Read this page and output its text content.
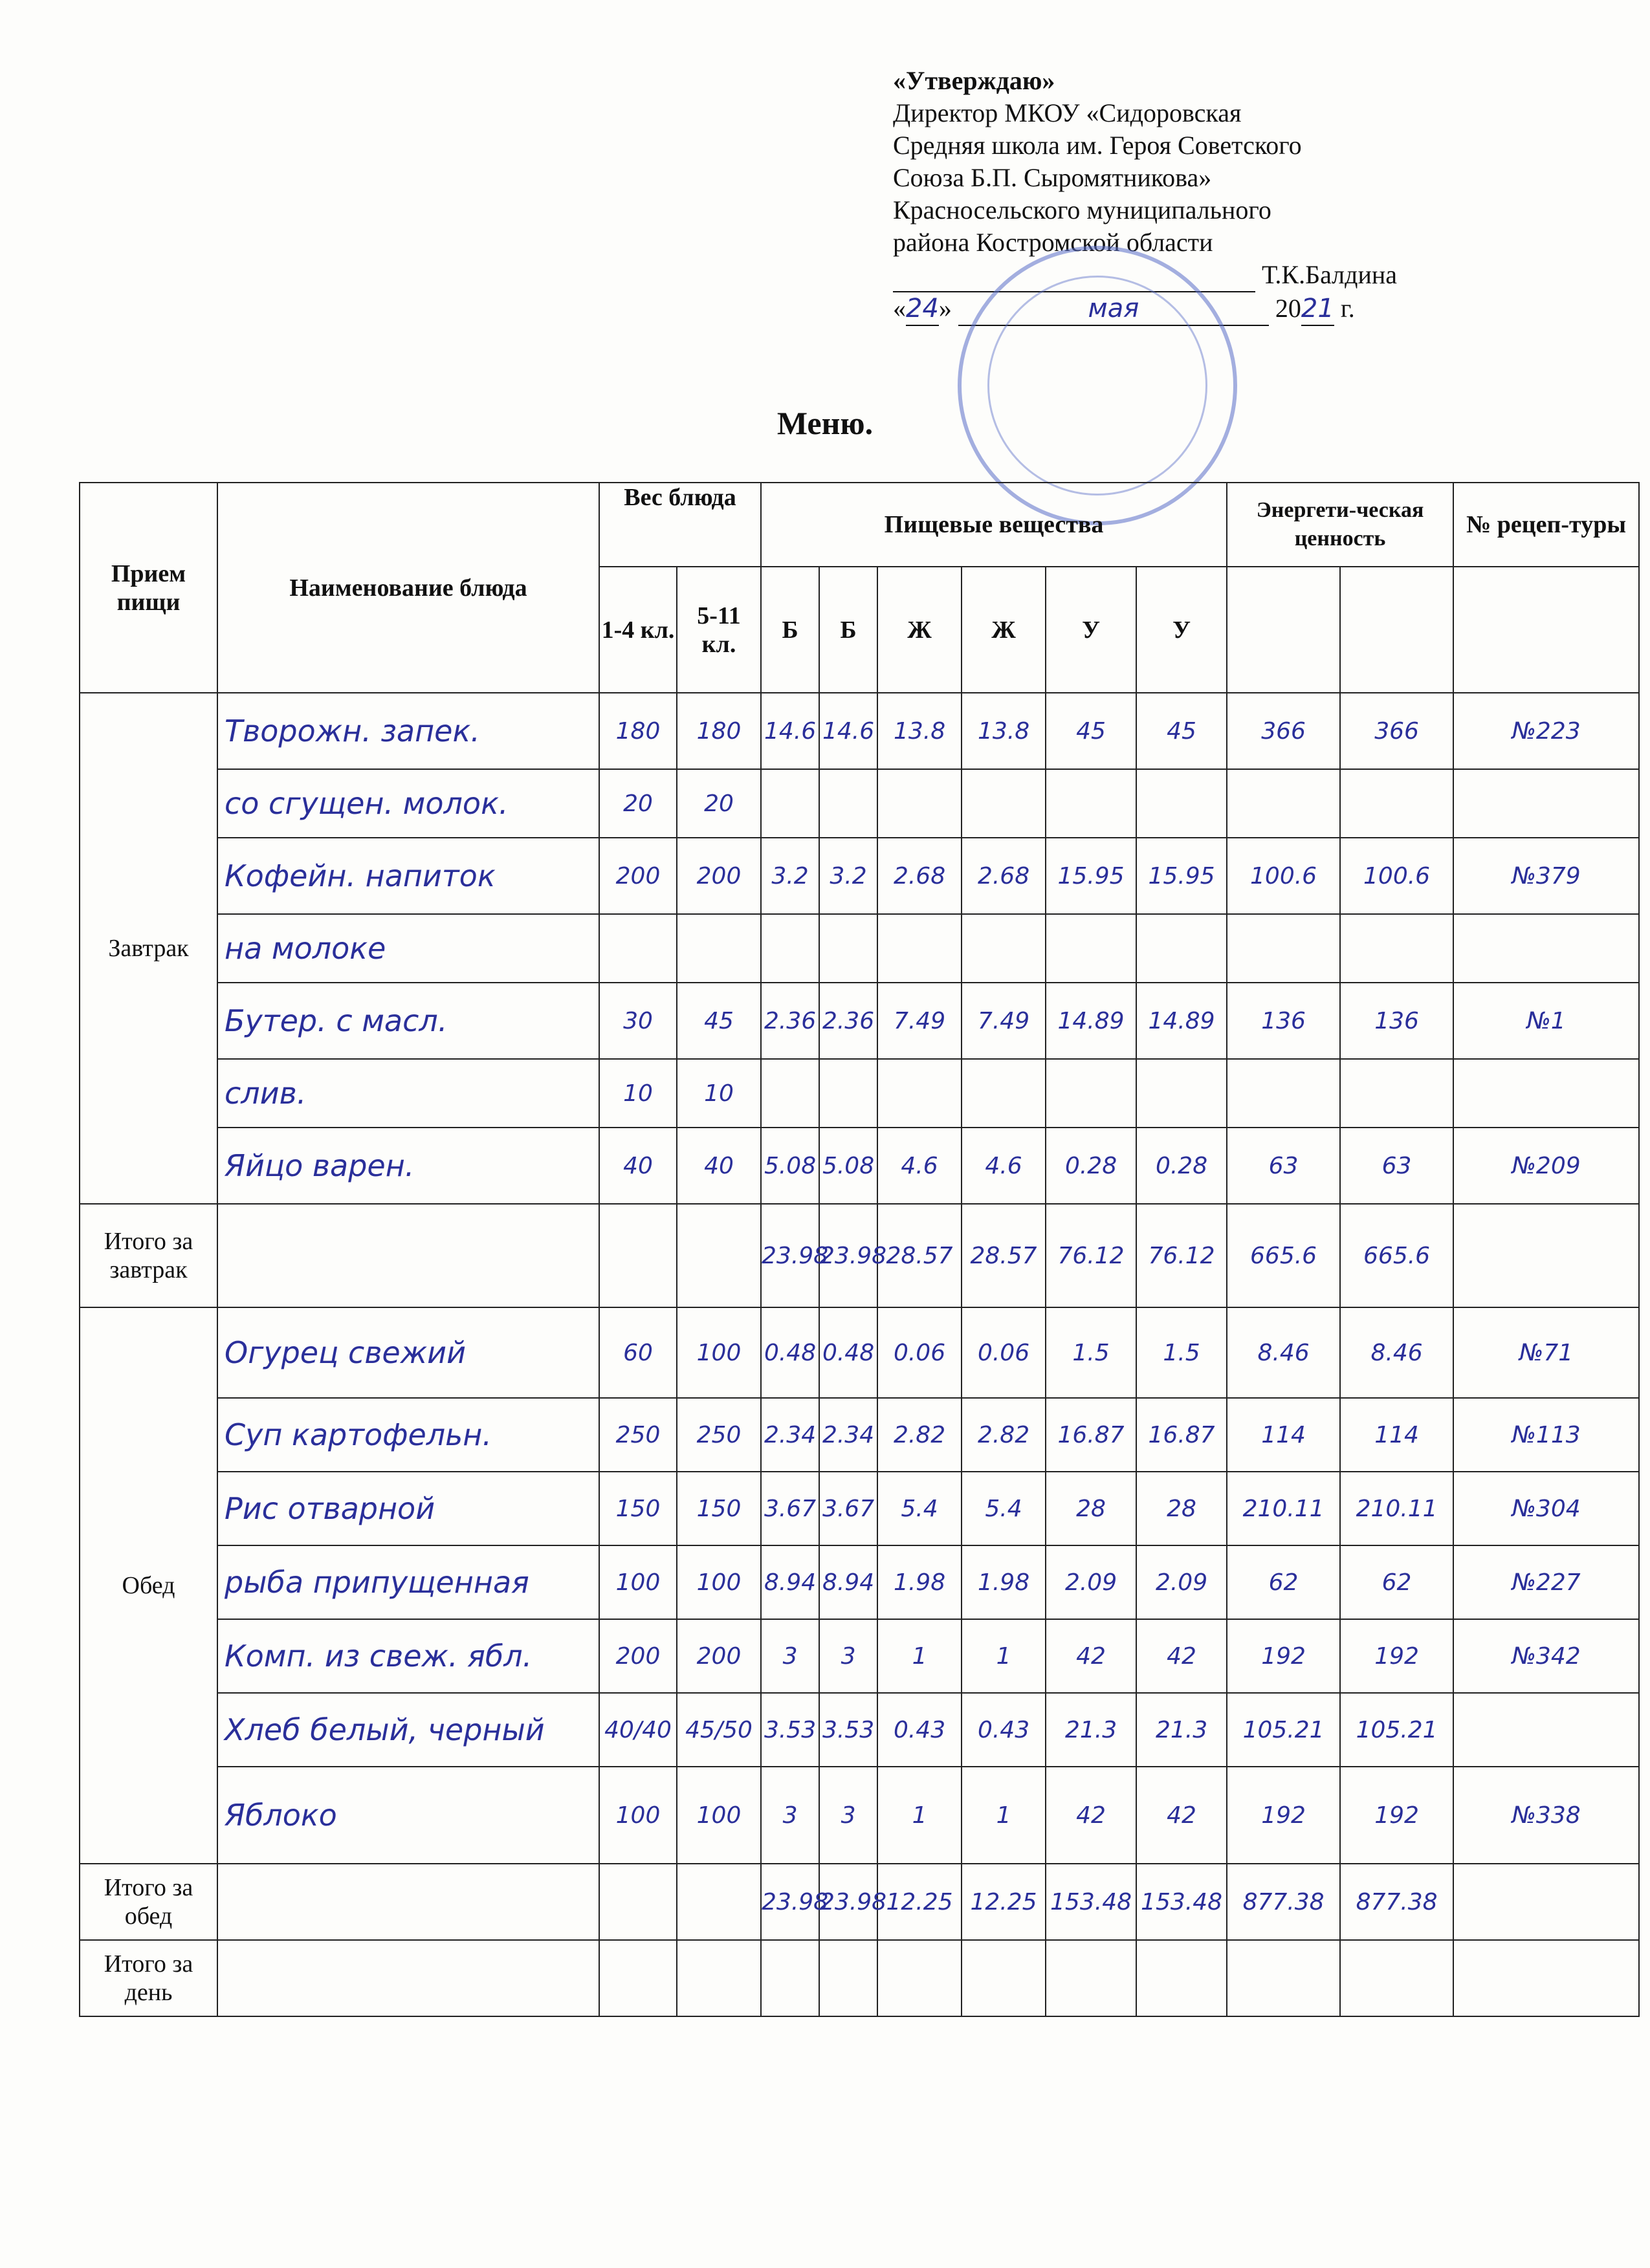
«Утверждаю»
Директор МКОУ «Сидоровская
Средняя школа им. Героя Советского
Союза Б.П. Сыромятникова»
Красносельского муниципального
района Костромской области
Т.К.Балдина
«24»	мая	2021 г.
Меню.
Прием пищи	Наименование блюда	Вес блюда		Пищевые вещества						Энергети-ческая ценность		№ рецеп-туры
		1-4 кл.	5-11 кл.	Б	Б	Ж	Ж	У	У			
Завтрак	Творожн. запек.	180	180	14.6	14.6	13.8	13.8	45	45	366	366	№223
	со сгущен. молок.	20	20									
	Кофейн. напиток	200	200	3.2	3.2	2.68	2.68	15.95	15.95	100.6	100.6	№379
	на молоке											
	Бутер. с масл.	30	45	2.36	2.36	7.49	7.49	14.89	14.89	136	136	№1
	слив.	10	10									
	Яйцо варен.	40	40	5.08	5.08	4.6	4.6	0.28	0.28	63	63	№209
Итого за завтрак				23.98	23.98	28.57	28.57	76.12	76.12	665.6	665.6	
Обед	Огурец свежий	60	100	0.48	0.48	0.06	0.06	1.5	1.5	8.46	8.46	№71
	Суп картофельн.	250	250	2.34	2.34	2.82	2.82	16.87	16.87	114	114	№113
	Рис отварной	150	150	3.67	3.67	5.4	5.4	28	28	210.11	210.11	№304
	рыба припущенная	100	100	8.94	8.94	1.98	1.98	2.09	2.09	62	62	№227
	Комп. из свеж. ябл.	200	200	3	3	1	1	42	42	192	192	№342
	Хлеб белый, черный	40/40	45/50	3.53	3.53	0.43	0.43	21.3	21.3	105.21	105.21	
	Яблоко	100	100	3	3	1	1	42	42	192	192	№338
Итого за обед				23.98	23.98	12.25	12.25	153.48	153.48	877.38	877.38	
Итого за день												
